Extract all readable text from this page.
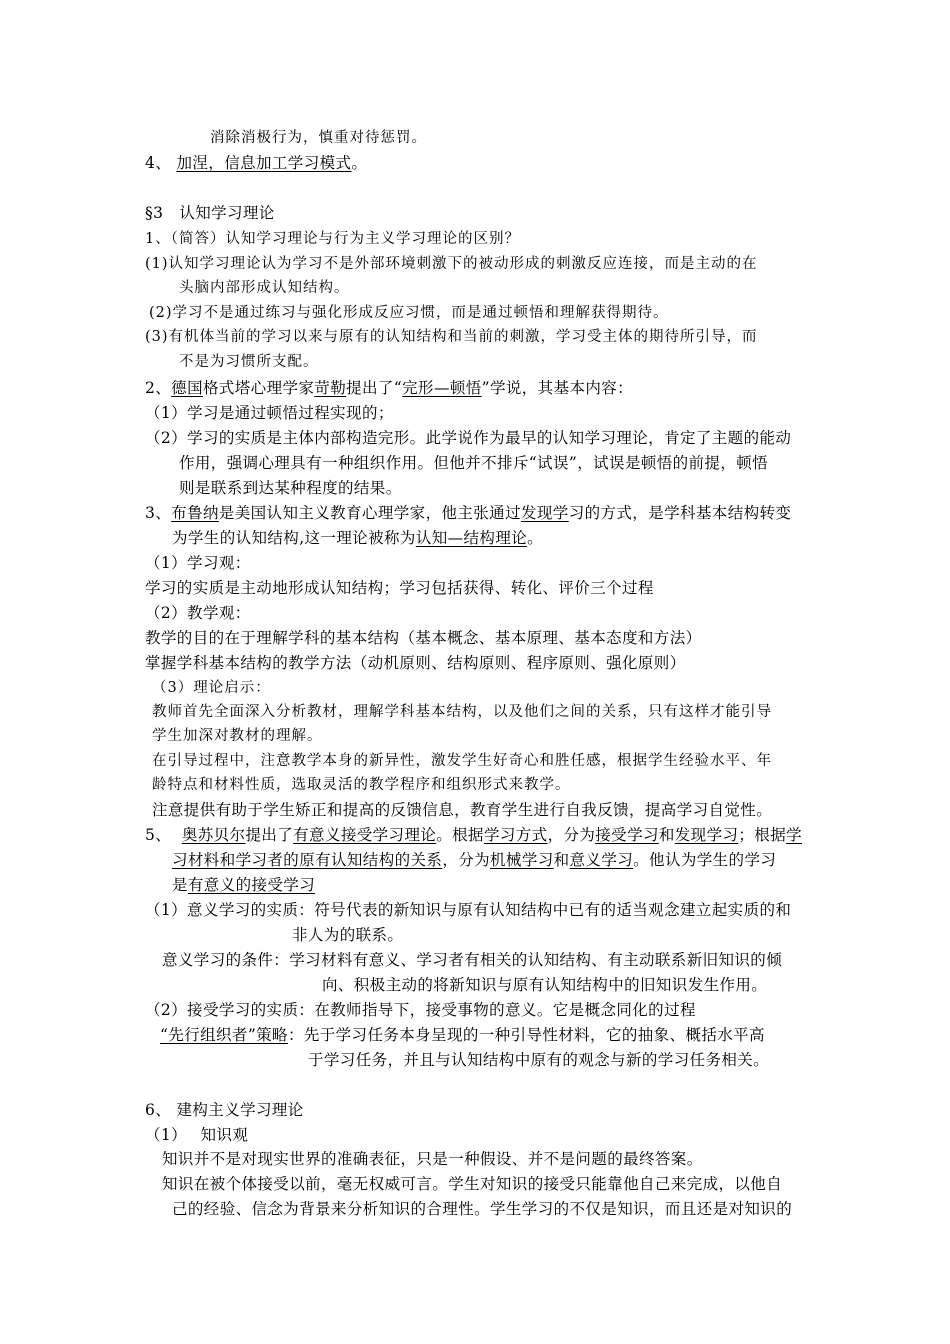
消除消极行为，慎重对待惩罚。
4、 加涅，信息加工学习模式。
§3　认知学习理论
1、（简答）认知学习理论与行为主义学习理论的区别？
(1)认知学习理论认为学习不是外部环境刺激下的被动形成的刺激反应连接，而是主动的在
头脑内部形成认知结构。
(2)学习不是通过练习与强化形成反应习惯，而是通过顿悟和理解获得期待。
(3)有机体当前的学习以来与原有的认知结构和当前的刺激，学习受主体的期待所引导，而
不是为习惯所支配。
2、德国格式塔心理学家苛勒提出了“完形—顿悟”学说，其基本内容：
（1）学习是通过顿悟过程实现的；
（2）学习的实质是主体内部构造完形。此学说作为最早的认知学习理论，肯定了主题的能动
作用，强调心理具有一种组织作用。但他并不排斥“试误”，试误是顿悟的前提，顿悟
则是联系到达某种程度的结果。
3、布鲁纳是美国认知主义教育心理学家，他主张通过发现学习的方式，是学科基本结构转变
为学生的认知结构,这一理论被称为认知—结构理论。
（1）学习观：
学习的实质是主动地形成认知结构；学习包括获得、转化、评价三个过程
（2）教学观：
教学的目的在于理解学科的基本结构（基本概念、基本原理、基本态度和方法）
掌握学科基本结构的教学方法（动机原则、结构原则、程序原则、强化原则）
（3）理论启示：
教师首先全面深入分析教材，理解学科基本结构，以及他们之间的关系，只有这样才能引导
学生加深对教材的理解。
在引导过程中，注意教学本身的新异性，激发学生好奇心和胜任感，根据学生经验水平、年
龄特点和材料性质，选取灵活的教学程序和组织形式来教学。
注意提供有助于学生矫正和提高的反馈信息，教育学生进行自我反馈，提高学习自觉性。
5、 奥苏贝尔提出了有意义接受学习理论。根据学习方式，分为接受学习和发现学习；根据学
习材料和学习者的原有认知结构的关系，分为机械学习和意义学习。他认为学生的学习
是有意义的接受学习
（1）意义学习的实质：符号代表的新知识与原有认知结构中已有的适当观念建立起实质的和
非人为的联系。
意义学习的条件：学习材料有意义、学习者有相关的认知结构、有主动联系新旧知识的倾
向、积极主动的将新知识与原有认知结构中的旧知识发生作用。
（2）接受学习的实质：在教师指导下，接受事物的意义。它是概念同化的过程
“先行组织者”策略：先于学习任务本身呈现的一种引导性材料，它的抽象、概括水平高
于学习任务，并且与认知结构中原有的观念与新的学习任务相关。
6、 建构主义学习理论
（1）　 知识观
知识并不是对现实世界的准确表征，只是一种假设、并不是问题的最终答案。
知识在被个体接受以前，毫无权威可言。学生对知识的接受只能靠他自己来完成，以他自
己的经验、信念为背景来分析知识的合理性。学生学习的不仅是知识，而且还是对知识的
